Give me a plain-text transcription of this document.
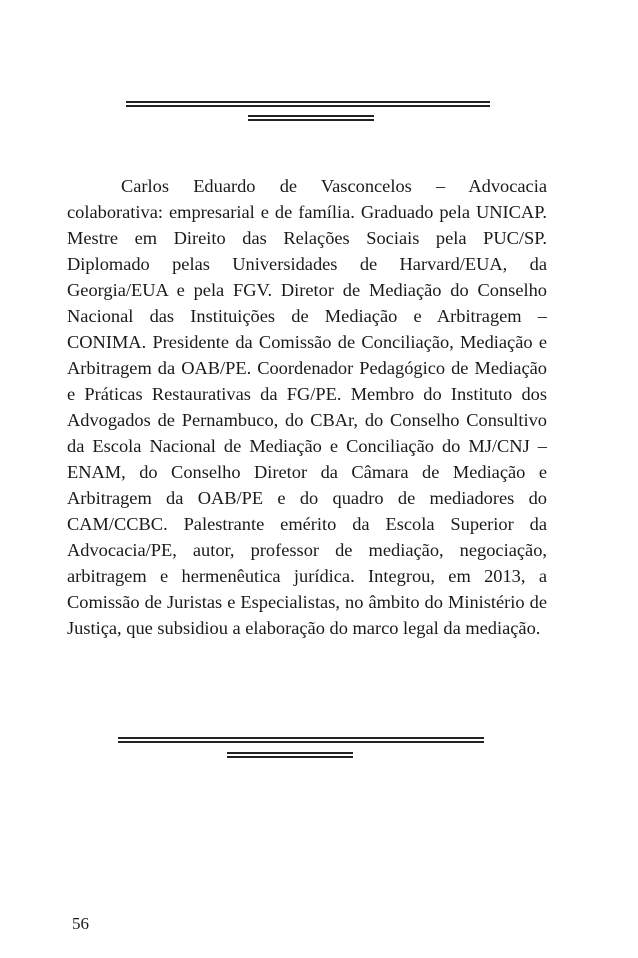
Carlos Eduardo de Vasconcelos – Advocacia colaborativa: empresarial e de família. Graduado pela UNICAP. Mestre em Direito das Relações Sociais pela PUC/SP. Diplomado pelas Universidades de Harvard/EUA, da Georgia/EUA e pela FGV. Diretor de Mediação do Conselho Nacional das Instituições de Mediação e Arbitragem – CONIMA. Presidente da Comissão de Conciliação, Mediação e Arbitragem da OAB/PE. Coordenador Pedagógico de Mediação e Práticas Restaurativas da FG/PE. Membro do Instituto dos Advogados de Pernambuco, do CBAr, do Conselho Consultivo da Escola Nacional de Mediação e Conciliação do MJ/CNJ – ENAM, do Conselho Diretor da Câmara de Mediação e Arbitragem da OAB/PE e do quadro de mediadores do CAM/CCBC. Palestrante emérito da Escola Superior da Advocacia/PE, autor, professor de mediação, negociação, arbitragem e hermenêutica jurídica. Integrou, em 2013, a Comissão de Juristas e Especialistas, no âmbito do Ministério de Justiça, que subsidiou a elaboração do marco legal da mediação.

56
